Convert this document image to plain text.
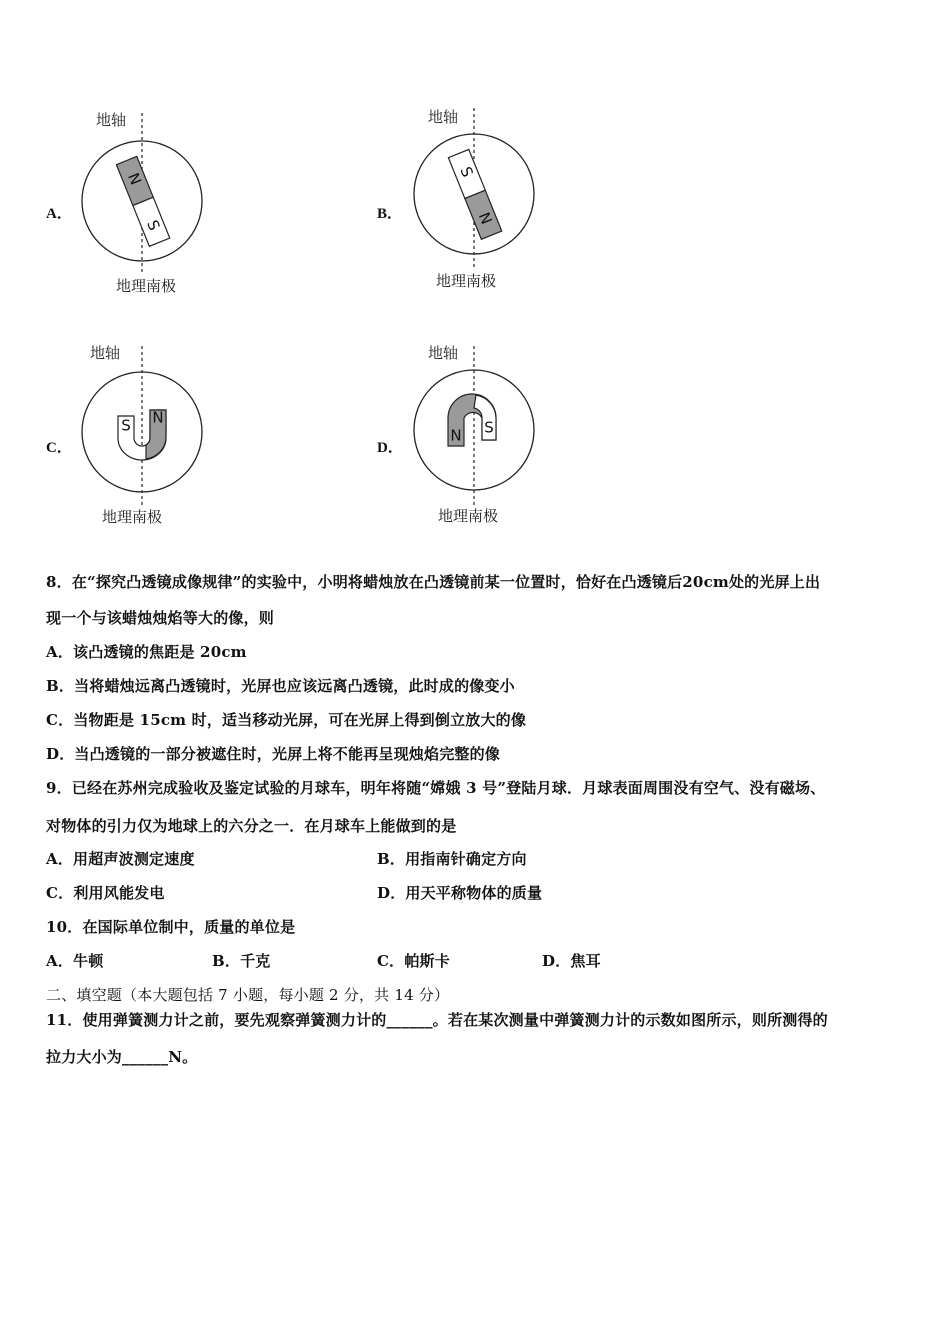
A．
N
S
地轴
地理南极
B．
S
N
地轴
地理南极
C．
S N
地轴
地理南极
D．
N S
地轴
地理南极
8．在“探究凸透镜成像规律”的实验中，小明将蜡烛放在凸透镜前某一位置时，恰好在凸透镜后20cm处的光屏上出
现一个与该蜡烛烛焰等大的像，则
A．该凸透镜的焦距是 20cm
B．当将蜡烛远离凸透镜时，光屏也应该远离凸透镜，此时成的像变小
C．当物距是 15cm 时，适当移动光屏，可在光屏上得到倒立放大的像
D．当凸透镜的一部分被遮住时，光屏上将不能再呈现烛焰完整的像
9．已经在苏州完成验收及鉴定试验的月球车，明年将随“嫦娥 3 号”登陆月球．月球表面周围没有空气、没有磁场、
对物体的引力仅为地球上的六分之一．在月球车上能做到的是
A．用超声波测定速度	B．用指南针确定方向
C．利用风能发电	D．用天平称物体的质量
10．在国际单位制中，质量的单位是
A．牛顿	B．千克	C．帕斯卡	D．焦耳
二、填空题（本大题包括 7 小题，每小题 2 分，共 14 分）
11．使用弹簧测力计之前，要先观察弹簧测力计的______。若在某次测量中弹簧测力计的示数如图所示，则所测得的
拉力大小为______N。
